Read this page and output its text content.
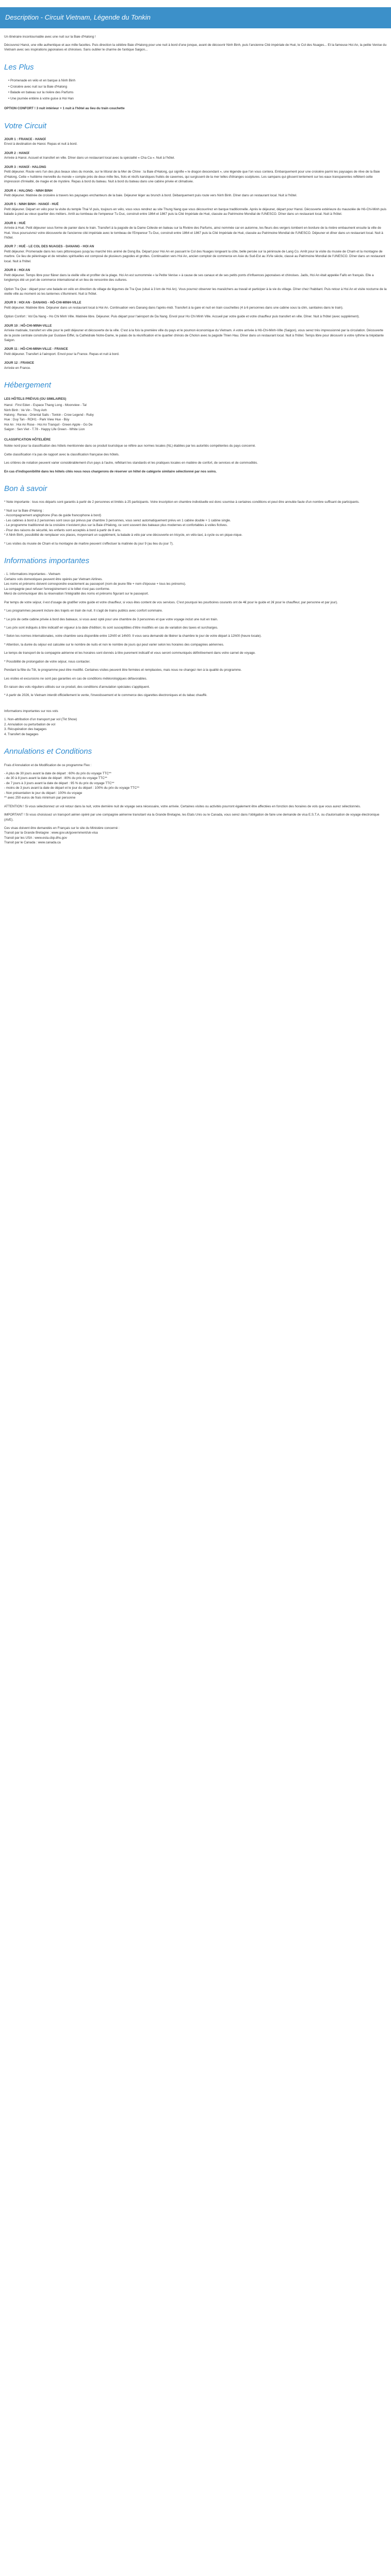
Description - Circuit Vietnam, Légende du Tonkin

Un itinéraire incontournable avec une nuit sur la Baie d'Halong !

Découvrez Hanoi, une ville authentique et aux mille facettes. Puis direction la célèbre Baie d'Halong pour une nuit à bord d'une jonque, avant de découvrir Ninh Binh, puis l'ancienne Cité impériale de Hué, le Col des Nuages... Et la fameuse Hoi An, la petite Venise du Vietnam avec ses inspirations japonaises et chinoises. Sans oublier le charme de l'antique Saigon...

Les Plus
• Promenade en vélo et en barque à Ninh Binh
• Croisière avec nuit sur la Baie d'Halong
• Balade en bateau sur la rivière des Parfums
• Une journée entière à votre guise à Hoi Han

OPTION CONFORT ! 3 nuit intérieur + 1 nuit à l'hôtel au lieu du train couchette

Votre Circuit
JOUR 1 : FRANCE - HANOÏ
Envol à destination de Hanoi. Repas et nuit à bord.
JOUR 2 : HANOÏ
Arrivée à Hanoi. Accueil et transfert en ville. Dîner dans un restaurant local avec la spécialité « Cha Ca ». Nuit à l'hôtel.
JOUR 3 : HANOÏ - HALONG
Petit déjeuner. Route vers l'un des plus beaux sites du monde, sur le littoral de la Mer de Chine : la Baie d'Halong, qui signifie « le dragon descendant », une légende que l'on vous contera. Embarquement pour une croisière parmi les paysages de rêve de la Baie d'Halong. Cette « huitième merveille du monde » compte près de deux mille îles, îlots et récifs karstiques fruités de cavernes, qui surgissent de la mer telles d'étranges sculptures. Les sampans qui glissent lentement sur les eaux transparentes reflètent cette impression d'irréalité, de magie et de mystère. Repas à bord du bateau. Nuit à bord du bateau dans une cabine privée et climatisée.
JOUR 4 : HALONG - NINH BINH
Petit déjeuner. Matinée de croisière à travers les paysages enchanteurs de la baie. Déjeuner léger au brunch à bord. Débarquement puis route vers Ninh Binh. Dîner dans un restaurant local. Nuit à l'hôtel.
JOUR 5 : NINH BINH - HANOÏ - HUÉ
Petit déjeuner. Départ en vélo pour la visite du temple Thai Vi puis, toujours en vélo, vous vous rendrez au site Thung Nang que vous découvrirez en barque traditionnelle. Après le déjeuner, départ pour Hanoi. Découverte extérieure du mausolée de Hô-Chi-Minh puis balade à pied au vieux quartier des métiers. Arrêt au tombeau de l'empereur Tu Duc, construit entre 1864 et 1867 puis la Cité Impériale de Hué, classée au Patrimoine Mondial de l'UNESCO. Dîner dans un restaurant local. Nuit à l'hôtel.
JOUR 6 : HUÉ
Arrivée à Hué. Petit déjeuner sous forme de panier dans le train. Transfert à la pagode de la Dame Céleste en bateau sur la Rivière des Parfums, ainsi nommée car en automne, les fleurs des vergers tombent en bordure de la rivière embaument ensuite la ville de Hué. Vous poursuivrez votre découverte de l'ancienne cité impériale avec le tombeau de l'Empereur Tu Duc, construit entre 1864 et 1867 puis la Cité Impériale de Hué, classée au Patrimoine Mondial de l'UNESCO. Déjeuner et dîner dans un restaurant local. Nuit à l'hôtel.
JOUR 7 : HUÉ - LE COL DES NUAGES - DANANG - HOI AN
Petit déjeuner. Promenade dans les rues pittoresques jusqu'au marché très animé de Dong Ba. Départ pour Hoi An en passant le Col des Nuages longeant la côte, belle percée sur la péninsule de Lang Co. Arrêt pour la visite du musée de Cham et la montagne de marbre. Ce lieu de pèlerinage et de retraites spirituelles est composé de plusieurs pagodes et grottes. Continuation vers Hoi An, ancien comptoir de commerce en Asie du Sud-Est au XVIe siècle, classé au Patrimoine Mondial de l'UNESCO. Dîner dans un restaurant local. Nuit à l'hôtel.
JOUR 8 : HOI AN
Petit déjeuner. Temps libre pour flâner dans la vieille ville et profiter de la plage. Hoi An est surnommée « la Petite Venise » à cause de ses canaux et de ses petits ponts d'influences japonaises et chinoises. Jadis, Hoi An était appelée Faifo en français. Elle a longtemps été un port de commerce international et un lieu de rencontre des cultures.
Option Tra Que : départ pour une balade en vélo en direction du village de légumes de Tra Que (situé à 3 km de Hoi An). Vous pourrez observer les maraîchers au travail et participer à la vie du village. Dîner chez l'habitant. Puis retour à Hoi An et visite nocturne de la vieille ville au moment où les lanternes s'illuminent. Nuit à l'hôtel.
JOUR 9 : HOI AN - DANANG - HÔ-CHI-MINH-VILLE
Petit déjeuner. Matinée libre. Déjeuner dans un restaurant local à Hoi An. Continuation vers Danang dans l'après-midi. Transfert à la gare et nuit en train couchettes (4 à 6 personnes dans une cabine sous la clim, sanitaires dans le train).
Option Confort : Vol Da Nang - Ho Chi Minh Ville. Matinée libre. Déjeuner. Puis départ pour l'aéroport de Da Nang. Envol pour Ho Chi Minh Ville. Accueil par votre guide et votre chauffeur puis transfert en ville. Dîner. Nuit à l'hôtel (avec supplément).
JOUR 10 : HÔ-CHI-MINH-VILLE
Arrivée matinale, transfert en ville pour le petit déjeuner et découverte de la ville. C'est à la fois la première ville du pays et le poumon économique du Vietnam. A votre arrivée à Hô-Chi-Minh-Ville (Saigon), vous serez très impressionné par la circulation. Découverte de la poste centrale construite par Gustave Eiffel, la Cathédrale Notre-Dame, le palais de la réunification et le quartier chinois de Cholon avec la pagode Thien Hau. Dîner dans un restaurant local. Nuit à l'hôtel. Temps libre pour découvrir à votre rythme la trépidante Saigon.
JOUR 11 : HÔ-CHI-MINH-VILLE - FRANCE
Petit déjeuner. Transfert à l'aéroport. Envol pour la France. Repas et nuit à bord.
JOUR 12 : FRANCE
Arrivée en France.
Hébergement
LES HÔTELS PRÉVUS (OU SIMILAIRES)
Hanoi : First Eden - Espace Thang Long - Moonview - Tal
Ninh Binh : Ve Vin - Thuy Anh
Halong : Renea - Oriental Sails - Tonkin - Crow Legend - Ruby
Hue : Duy Tan - ROH1 - Park View Hue - Bùy
Hoi An : Hoi An Rose - Hoi An Tranquil - Green Apple - Go De
Saigon : Sen Viet - T.78 - Happy Life Green - White Lion
CLASSIFICATION HÔTELIÈRE

Notée nord pour la classification des hôtels mentionnée dans ce produit touristique se réfère aux normes locales (NL) établies par les autorités compétentes du pays concerné.

Cette classification n'a pas de rapport avec la classification française des hôtels.

Les critères de notation peuvent varier considérablement d'un pays à l'autre, reflétant les standards et les pratiques locales en matière de confort, de services et de commodités.

En cas d'indisponibilité dans les hôtels cités nous nous chargerons de réserver un hôtel de catégorie similaire sélectionné par nos soins.

Bon à savoir

* Note importante : tous nos départs sont garantis à partir de 2 personnes et limités à 25 participants. Votre inscription en chambre individuelle est donc soumise à certaines conditions et peut être annulée faute d'un nombre suffisant de participants.

* Nuit sur la Baie d'Halong :
- Accompagnement anglophone (Pas de guide francophone à bord)
- Les cabines à bord à 2 personnes sont ceux qui prévus par chambre 3 personnes, vous serez automatiquement prévu en 1 cabine double + 1 cabine single.
- Le programme traditionnel de la croisière n'existent plus sur la Baie d'Halong, ce sont souvent des bateaux plus modernes et confortables à voiles fictives.
- Pour des raisons de sécurité, les enfants sont acceptés à bord à partir de 8 ans.

* A Ninh Binh, possibilité de remplacer vos places, moyennant un supplément, la balade à vélo par une découverte en tricycle, en vélo-taxi, à cycle ou en pique-nique.

* Les visites du musée de Cham et la montagne de marbre peuvent s'effectuer la matinée du jour 9 (au lieu du jour 7).

Informations importantes
- 1. Informations importantes - Vietnam
Certains vols domestiques peuvent être opérés par Vietnam Airlines.
Les noms et prénoms doivent correspondre exactement au passeport (nom de jeune fille + nom d'épouse + tous les prénoms).
La compagnie peut refuser l'enregistrement si le billet n'est pas conforme.

Merci de communiquer dès la réservation l'intégralité des noms et prénoms figurant sur le passeport.

Par temps de votre séjour, il est d'usage de gratifier votre guide et votre chauffeur, si vous êtes content de vos services. C'est pourquoi les pourboires courants ont de 4€ pour le guide et 2€ pour le chauffeur, par personne et par jour).

* Les programmes peuvent inclure des trajets en train de nuit. Il s'agit de trains publics avec confort sommaire.

* Le prix de cette cabine privée à bord des bateaux, si vous avez opté pour une chambre de 3 personnes et que votre voyage inclut une nuit en train.

* Les prix sont indiqués à titre indicatif en vigueur à la date d'édition; ils sont susceptibles d'être modifiés en cas de variation des taxes et surcharges.

* Selon les normes internationales, votre chambre sera disponible entre 12h00 et 14h00. Il vous sera demandé de libérer la chambre le jour de votre départ à 12h00 (heure locale).

* Attention, la durée du séjour est calculée sur le nombre de nuits et non le nombre de jours qui peut varier selon les horaires des compagnies aériennes.

Le temps de transport de la compagnie aérienne et les horaires sont donnés à titre purement indicatif et vous seront communiqués définitivement dans votre carnet de voyage.

* Possibilité de prolongation de votre séjour, nous contacter.

Pendant la fête du Têt, le programme peut être modifié. Certaines visites peuvent être fermées et remplacées, mais nous ne changez rien à la qualité du programme.

Les visites et excursions ne sont pas garanties en cas de conditions météorologiques défavorables.

En raison des vols réguliers utilisés sur ce produit, des conditions d'annulation spéciales s'appliquent.

* A partir de 2026, le Vietnam interdit officiellement le vente, l'investissement et le commerce des cigarettes électroniques et du tabac chauffé.

Informations importantes sur nos vols

1. Non-attribution d'un transport par vol (Tkt Show)
2. Annulation ou perturbation de vol
3. Récupération des bagages
4. Transfert de bagages
Annulations et Conditions

Frais d'Annulation et de Modification de ce programme Flex :

- A plus de 30 jours avant la date de départ : 60% du prix du voyage TTC**
- de 30 à 8 jours avant la date de départ : 80% du prix du voyage TTC**
- de 7 jours à 3 jours avant la date de départ : 95 % du prix du voyage TTC**
- moins de 3 jours avant la date de départ et le jour du départ : 100% du prix du voyage TTC**
- Non présentation le jour du départ : 100% du voyage

** avec 250 euros de frais minimum par personne

ATTENTION ! Si vous sélectionnez un vol retour dans la nuit, votre dernière nuit de voyage sera nécessaire, votre arrivée. Certaines visites ou activités pourront également être affectées en fonction des horaires de vols que vous aurez sélectionnés.

IMPORTANT ! Si vous choisissez un transport aérien opéré par une compagnie aérienne transitant via la Grande Bretagne, les Etats Unis ou le Canada, vous serez dans l'obligation de faire une demande de visa E.S.T.A. ou d'autorisation de voyage électronique (AVE).

Ces visas doivent être demandés en Français sur le site du Ministère concerné :
Transit par la Grande Bretagne : www.gov.uk/government/uk-visa
Transit par les USA : www.esta.cbp.dhs.gov
Transit par le Canada : www.canada.ca
